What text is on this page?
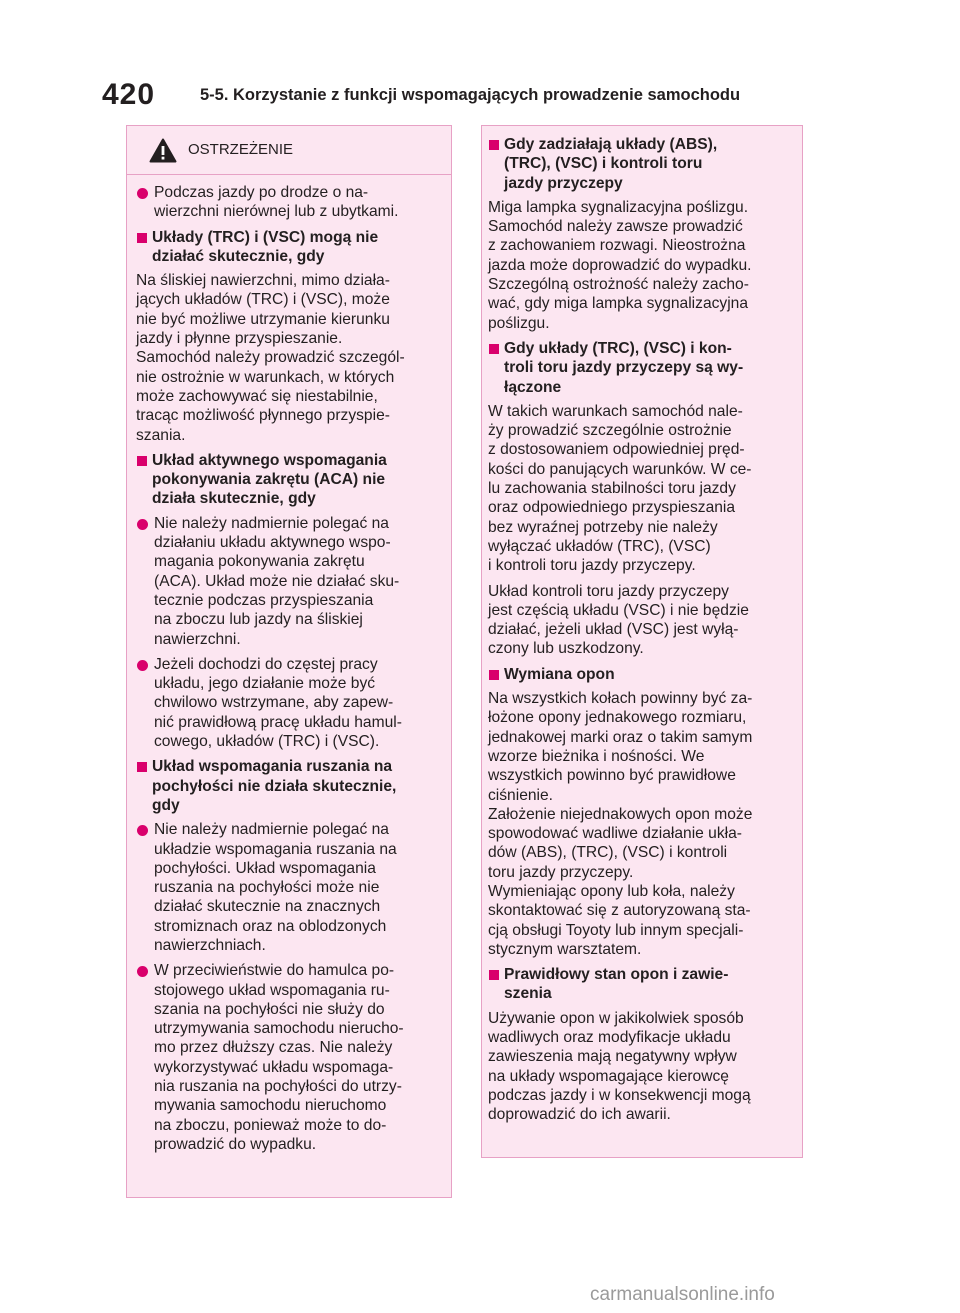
420	5-5. Korzystanie z funkcji wspomagających prowadzenie samochodu
OSTRZEŻENIE
Podczas jazdy po drodze o na-
wierzchni nierównej lub z ubytkami.
Układy (TRC) i (VSC) mogą nie
działać skutecznie, gdy
Na śliskiej nawierzchni, mimo działa-
jących układów (TRC) i (VSC), może
nie być możliwe utrzymanie kierunku
jazdy i płynne przyspieszanie.
Samochód należy prowadzić szczegól-
nie ostrożnie w warunkach, w których
może zachowywać się niestabilnie,
tracąc możliwość płynnego przyspie-
szania.
Układ aktywnego wspomagania
pokonywania zakrętu (ACA) nie
działa skutecznie, gdy
Nie należy nadmiernie polegać na
działaniu układu aktywnego wspo-
magania pokonywania zakrętu
(ACA). Układ może nie działać sku-
tecznie podczas przyspieszania
na zboczu lub jazdy na śliskiej
nawierzchni.
Jeżeli dochodzi do częstej pracy
układu, jego działanie może być
chwilowo wstrzymane, aby zapew-
nić prawidłową pracę układu hamul-
cowego, układów (TRC) i (VSC).
Układ wspomagania ruszania na
pochyłości nie działa skutecznie,
gdy
Nie należy nadmiernie polegać na
układzie wspomagania ruszania na
pochyłości. Układ wspomagania
ruszania na pochyłości może nie
działać skutecznie na znacznych
stromiznach oraz na oblodzonych
nawierzchniach.
W przeciwieństwie do hamulca po-
stojowego układ wspomagania ru-
szania na pochyłości nie służy do
utrzymywania samochodu nierucho-
mo przez dłuższy czas. Nie należy
wykorzystywać układu wspomaga-
nia ruszania na pochyłości do utrzy-
mywania samochodu nieruchomo
na zboczu, ponieważ może to do-
prowadzić do wypadku.
Gdy zadziałają układy (ABS),
(TRC), (VSC) i kontroli toru
jazdy przyczepy
Miga lampka sygnalizacyjna poślizgu.
Samochód należy zawsze prowadzić
z zachowaniem rozwagi. Nieostrożna
jazda może doprowadzić do wypadku.
Szczególną ostrożność należy zacho-
wać, gdy miga lampka sygnalizacyjna
poślizgu.
Gdy układy (TRC), (VSC) i kon-
troli toru jazdy przyczepy są wy-
łączone
W takich warunkach samochód nale-
ży prowadzić szczególnie ostrożnie
z dostosowaniem odpowiedniej pręd-
kości do panujących warunków. W ce-
lu zachowania stabilności toru jazdy
oraz odpowiedniego przyspieszania
bez wyraźnej potrzeby nie należy
wyłączać układów (TRC), (VSC)
i kontroli toru jazdy przyczepy.
Układ kontroli toru jazdy przyczepy
jest częścią układu (VSC) i nie będzie
działać, jeżeli układ (VSC) jest wyłą-
czony lub uszkodzony.
Wymiana opon
Na wszystkich kołach powinny być za-
łożone opony jednakowego rozmiaru,
jednakowej marki oraz o takim samym
wzorze bieżnika i nośności. We
wszystkich powinno być prawidłowe
ciśnienie.
Założenie niejednakowych opon może
spowodować wadliwe działanie ukła-
dów (ABS), (TRC), (VSC) i kontroli
toru jazdy przyczepy.
Wymieniając opony lub koła, należy
skontaktować się z autoryzowaną sta-
cją obsługi Toyoty lub innym specjali-
stycznym warsztatem.
Prawidłowy stan opon i zawie-
szenia
Używanie opon w jakikolwiek sposób
wadliwych oraz modyfikacje układu
zawieszenia mają negatywny wpływ
na układy wspomagające kierowcę
podczas jazdy i w konsekwencji mogą
doprowadzić do ich awarii.
carmanualsonline.info
